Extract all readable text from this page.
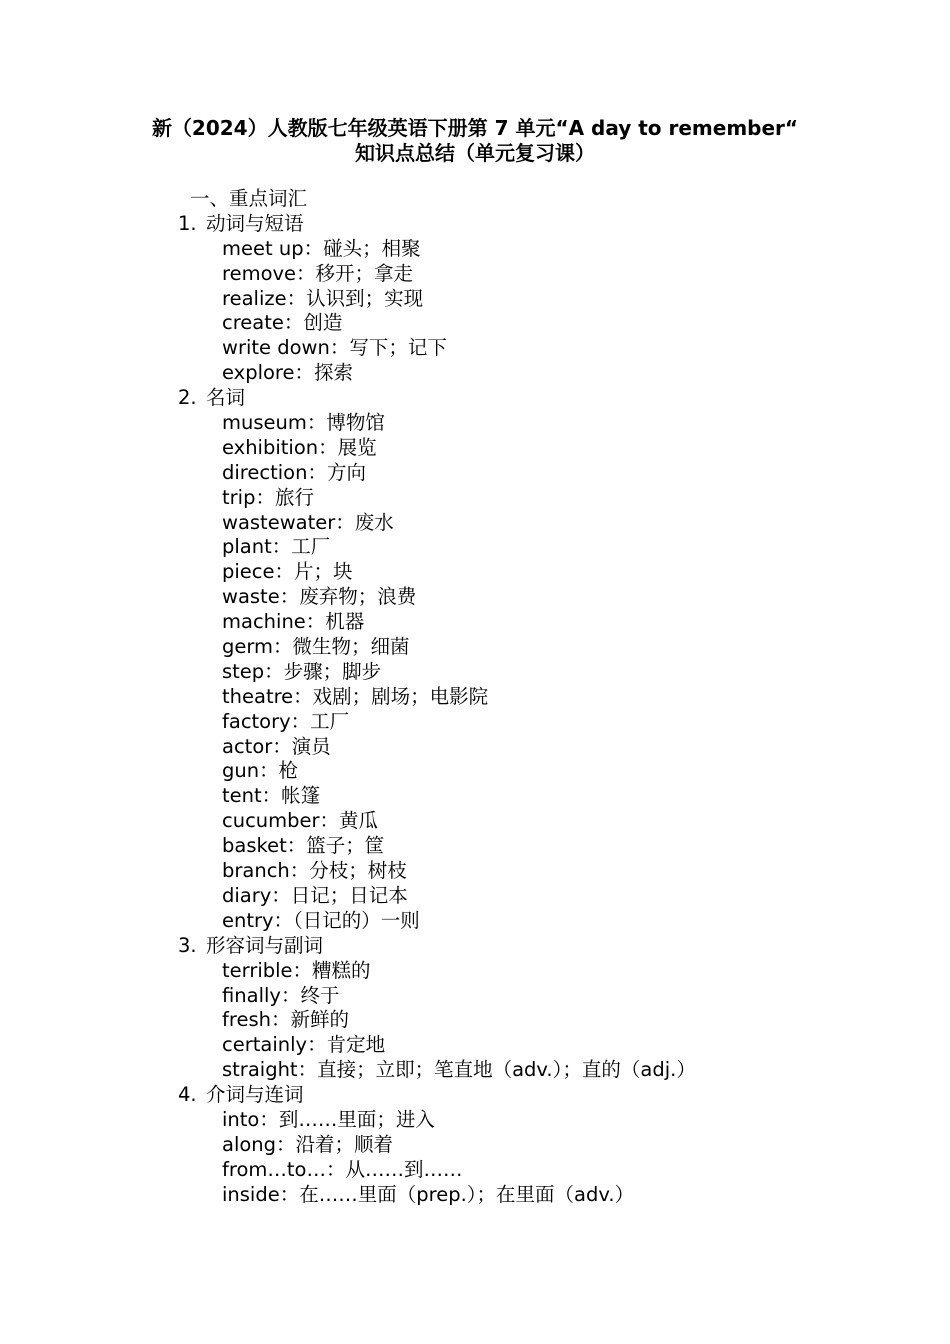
新（2024）人教版七年级英语下册第 7 单元“A day to remember“
知识点总结（单元复习课）
一、重点词汇
1. 动词与短语
meet up：碰头；相聚
remove：移开；拿走
realize：认识到；实现
create：创造
write down：写下；记下
explore：探索
2. 名词
museum：博物馆
exhibition：展览
direction：方向
trip：旅行
wastewater：废水
plant：工厂
piece：片；块
waste：废弃物；浪费
machine：机器
germ：微生物；细菌
step：步骤；脚步
theatre：戏剧；剧场；电影院
factory：工厂
actor：演员
gun：枪
tent：帐篷
cucumber：黄瓜
basket：篮子；筐
branch：分枝；树枝
diary：日记；日记本
entry：（日记的）一则
3. 形容词与副词
terrible：糟糕的
finally：终于
fresh：新鲜的
certainly：肯定地
straight：直接；立即；笔直地（adv.）；直的（adj.）
4. 介词与连词
into：到……里面；进入
along：沿着；顺着
from…to…：从……到……
inside：在……里面（prep.）；在里面（adv.）
